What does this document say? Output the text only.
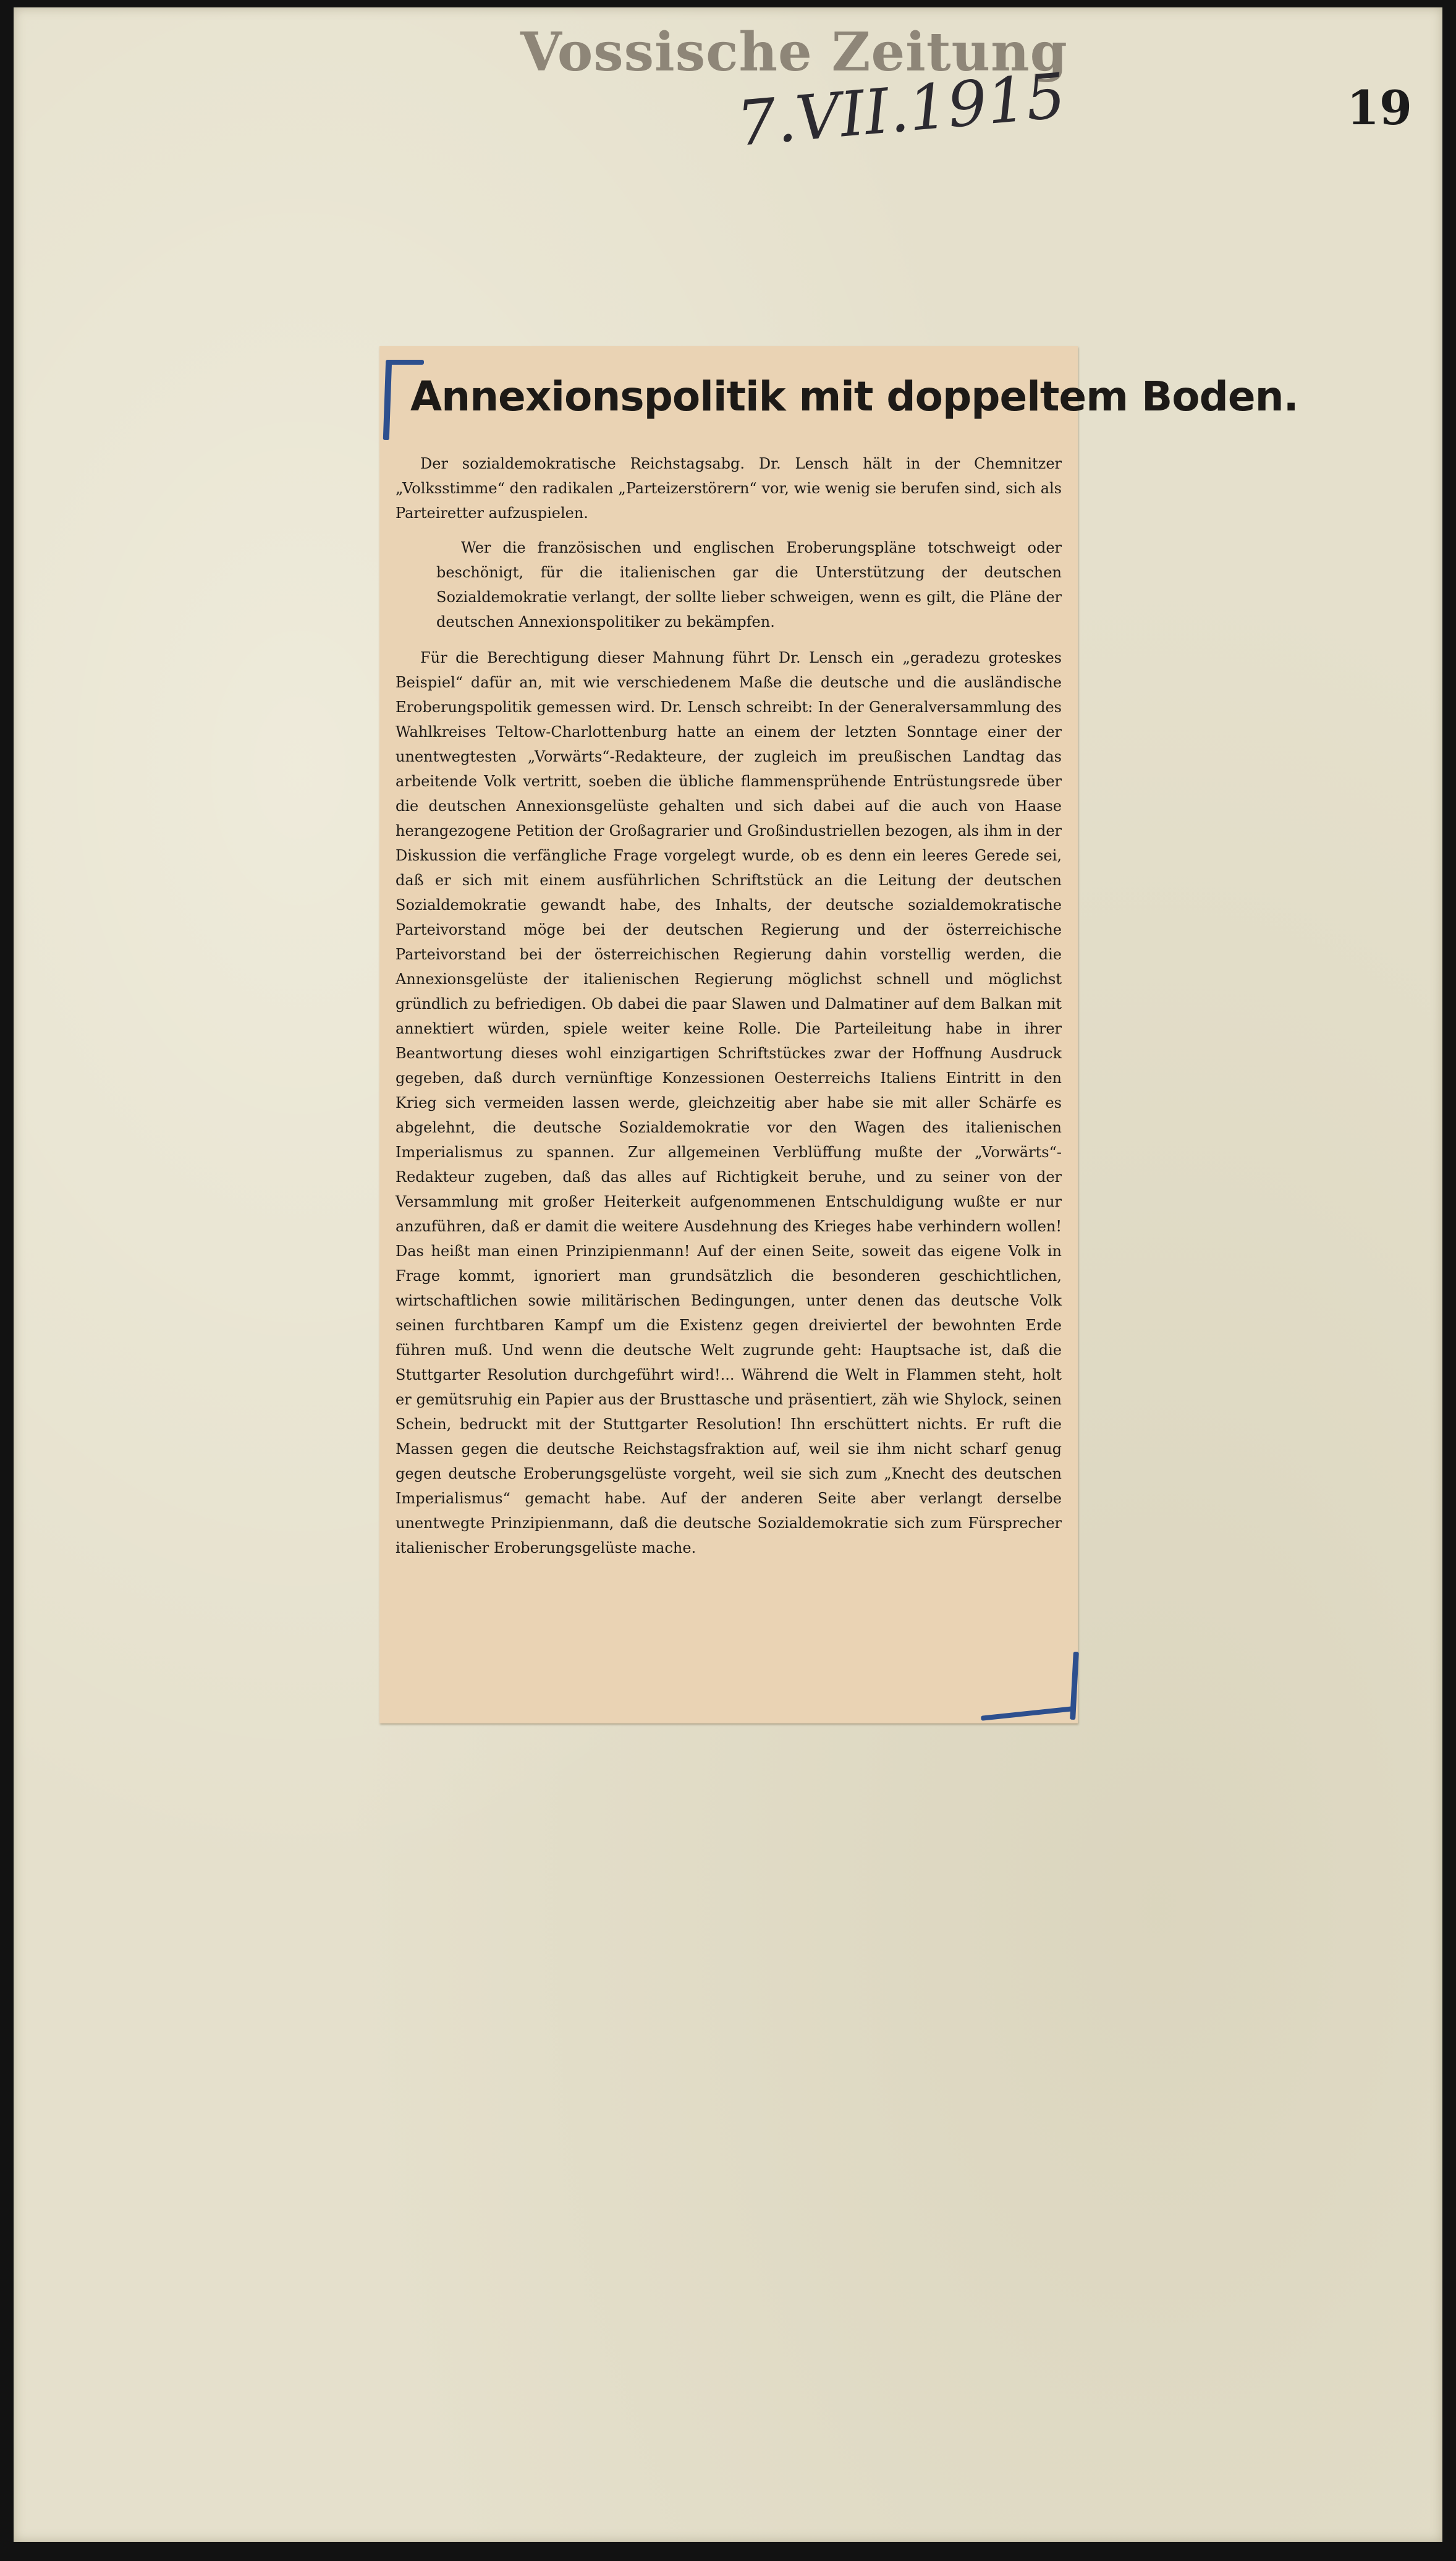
Vossische Zeitung
7.VII.1915	19
Annexionspolitik mit doppeltem Boden.

Der sozialdemokratische Reichstagsabg. Dr. Lensch hält in der Chemnitzer „Volksstimme“ den radikalen „Parteizerstörern“ vor, wie wenig sie berufen sind, sich als Parteiretter aufzuspielen.

Wer die französischen und englischen Eroberungspläne totschweigt oder beschönigt, für die italienischen gar die Unterstützung der deutschen Sozialdemokratie verlangt, der sollte lieber schweigen, wenn es gilt, die Pläne der deutschen Annexionspolitiker zu bekämpfen.

Für die Berechtigung dieser Mahnung führt Dr. Lensch ein „geradezu groteskes Beispiel“ dafür an, mit wie verschiedenem Maße die deutsche und die ausländische Eroberungspolitik gemessen wird. Dr. Lensch schreibt: In der Generalversammlung des Wahlkreises Teltow-Charlottenburg hatte an einem der letzten Sonntage einer der unentwegtesten „Vorwärts“-Redakteure, der zugleich im preußischen Landtag das arbeitende Volk vertritt, soeben die übliche flammensprühende Entrüstungsrede über die deutschen Annexionsgelüste gehalten und sich dabei auf die auch von Haase herangezogene Petition der Großagrarier und Großindustriellen bezogen, als ihm in der Diskussion die verfängliche Frage vorgelegt wurde, ob es denn ein leeres Gerede sei, daß er sich mit einem ausführlichen Schriftstück an die Leitung der deutschen Sozialdemokratie gewandt habe, des Inhalts, der deutsche sozialdemokratische Parteivorstand möge bei der deutschen Regierung und der österreichische Parteivorstand bei der österreichischen Regierung dahin vorstellig werden, die Annexionsgelüste der italienischen Regierung möglichst schnell und möglichst gründlich zu befriedigen. Ob dabei die paar Slawen und Dalmatiner auf dem Balkan mit annektiert würden, spiele weiter keine Rolle. Die Parteileitung habe in ihrer Beantwortung dieses wohl einzigartigen Schriftstückes zwar der Hoffnung Ausdruck gegeben, daß durch vernünftige Konzessionen Oesterreichs Italiens Eintritt in den Krieg sich vermeiden lassen werde, gleichzeitig aber habe sie mit aller Schärfe es abgelehnt, die deutsche Sozialdemokratie vor den Wagen des italienischen Imperialismus zu spannen. Zur allgemeinen Verblüffung mußte der „Vorwärts“-Redakteur zugeben, daß das alles auf Richtigkeit beruhe, und zu seiner von der Versammlung mit großer Heiterkeit aufgenommenen Entschuldigung wußte er nur anzuführen, daß er damit die weitere Ausdehnung des Krieges habe verhindern wollen! Das heißt man einen Prinzipienmann! Auf der einen Seite, soweit das eigene Volk in Frage kommt, ignoriert man grundsätzlich die besonderen geschichtlichen, wirtschaftlichen sowie militärischen Bedingungen, unter denen das deutsche Volk seinen furchtbaren Kampf um die Existenz gegen dreiviertel der bewohnten Erde führen muß. Und wenn die deutsche Welt zugrunde geht: Hauptsache ist, daß die Stuttgarter Resolution durchgeführt wird!... Während die Welt in Flammen steht, holt er gemütsruhig ein Papier aus der Brusttasche und präsentiert, zäh wie Shylock, seinen Schein, bedruckt mit der Stuttgarter Resolution! Ihn erschüttert nichts. Er ruft die Massen gegen die deutsche Reichstagsfraktion auf, weil sie ihm nicht scharf genug gegen deutsche Eroberungsgelüste vorgeht, weil sie sich zum „Knecht des deutschen Imperialismus“ gemacht habe. Auf der anderen Seite aber verlangt derselbe unentwegte Prinzipienmann, daß die deutsche Sozialdemokratie sich zum Fürsprecher italienischer Eroberungsgelüste mache.
